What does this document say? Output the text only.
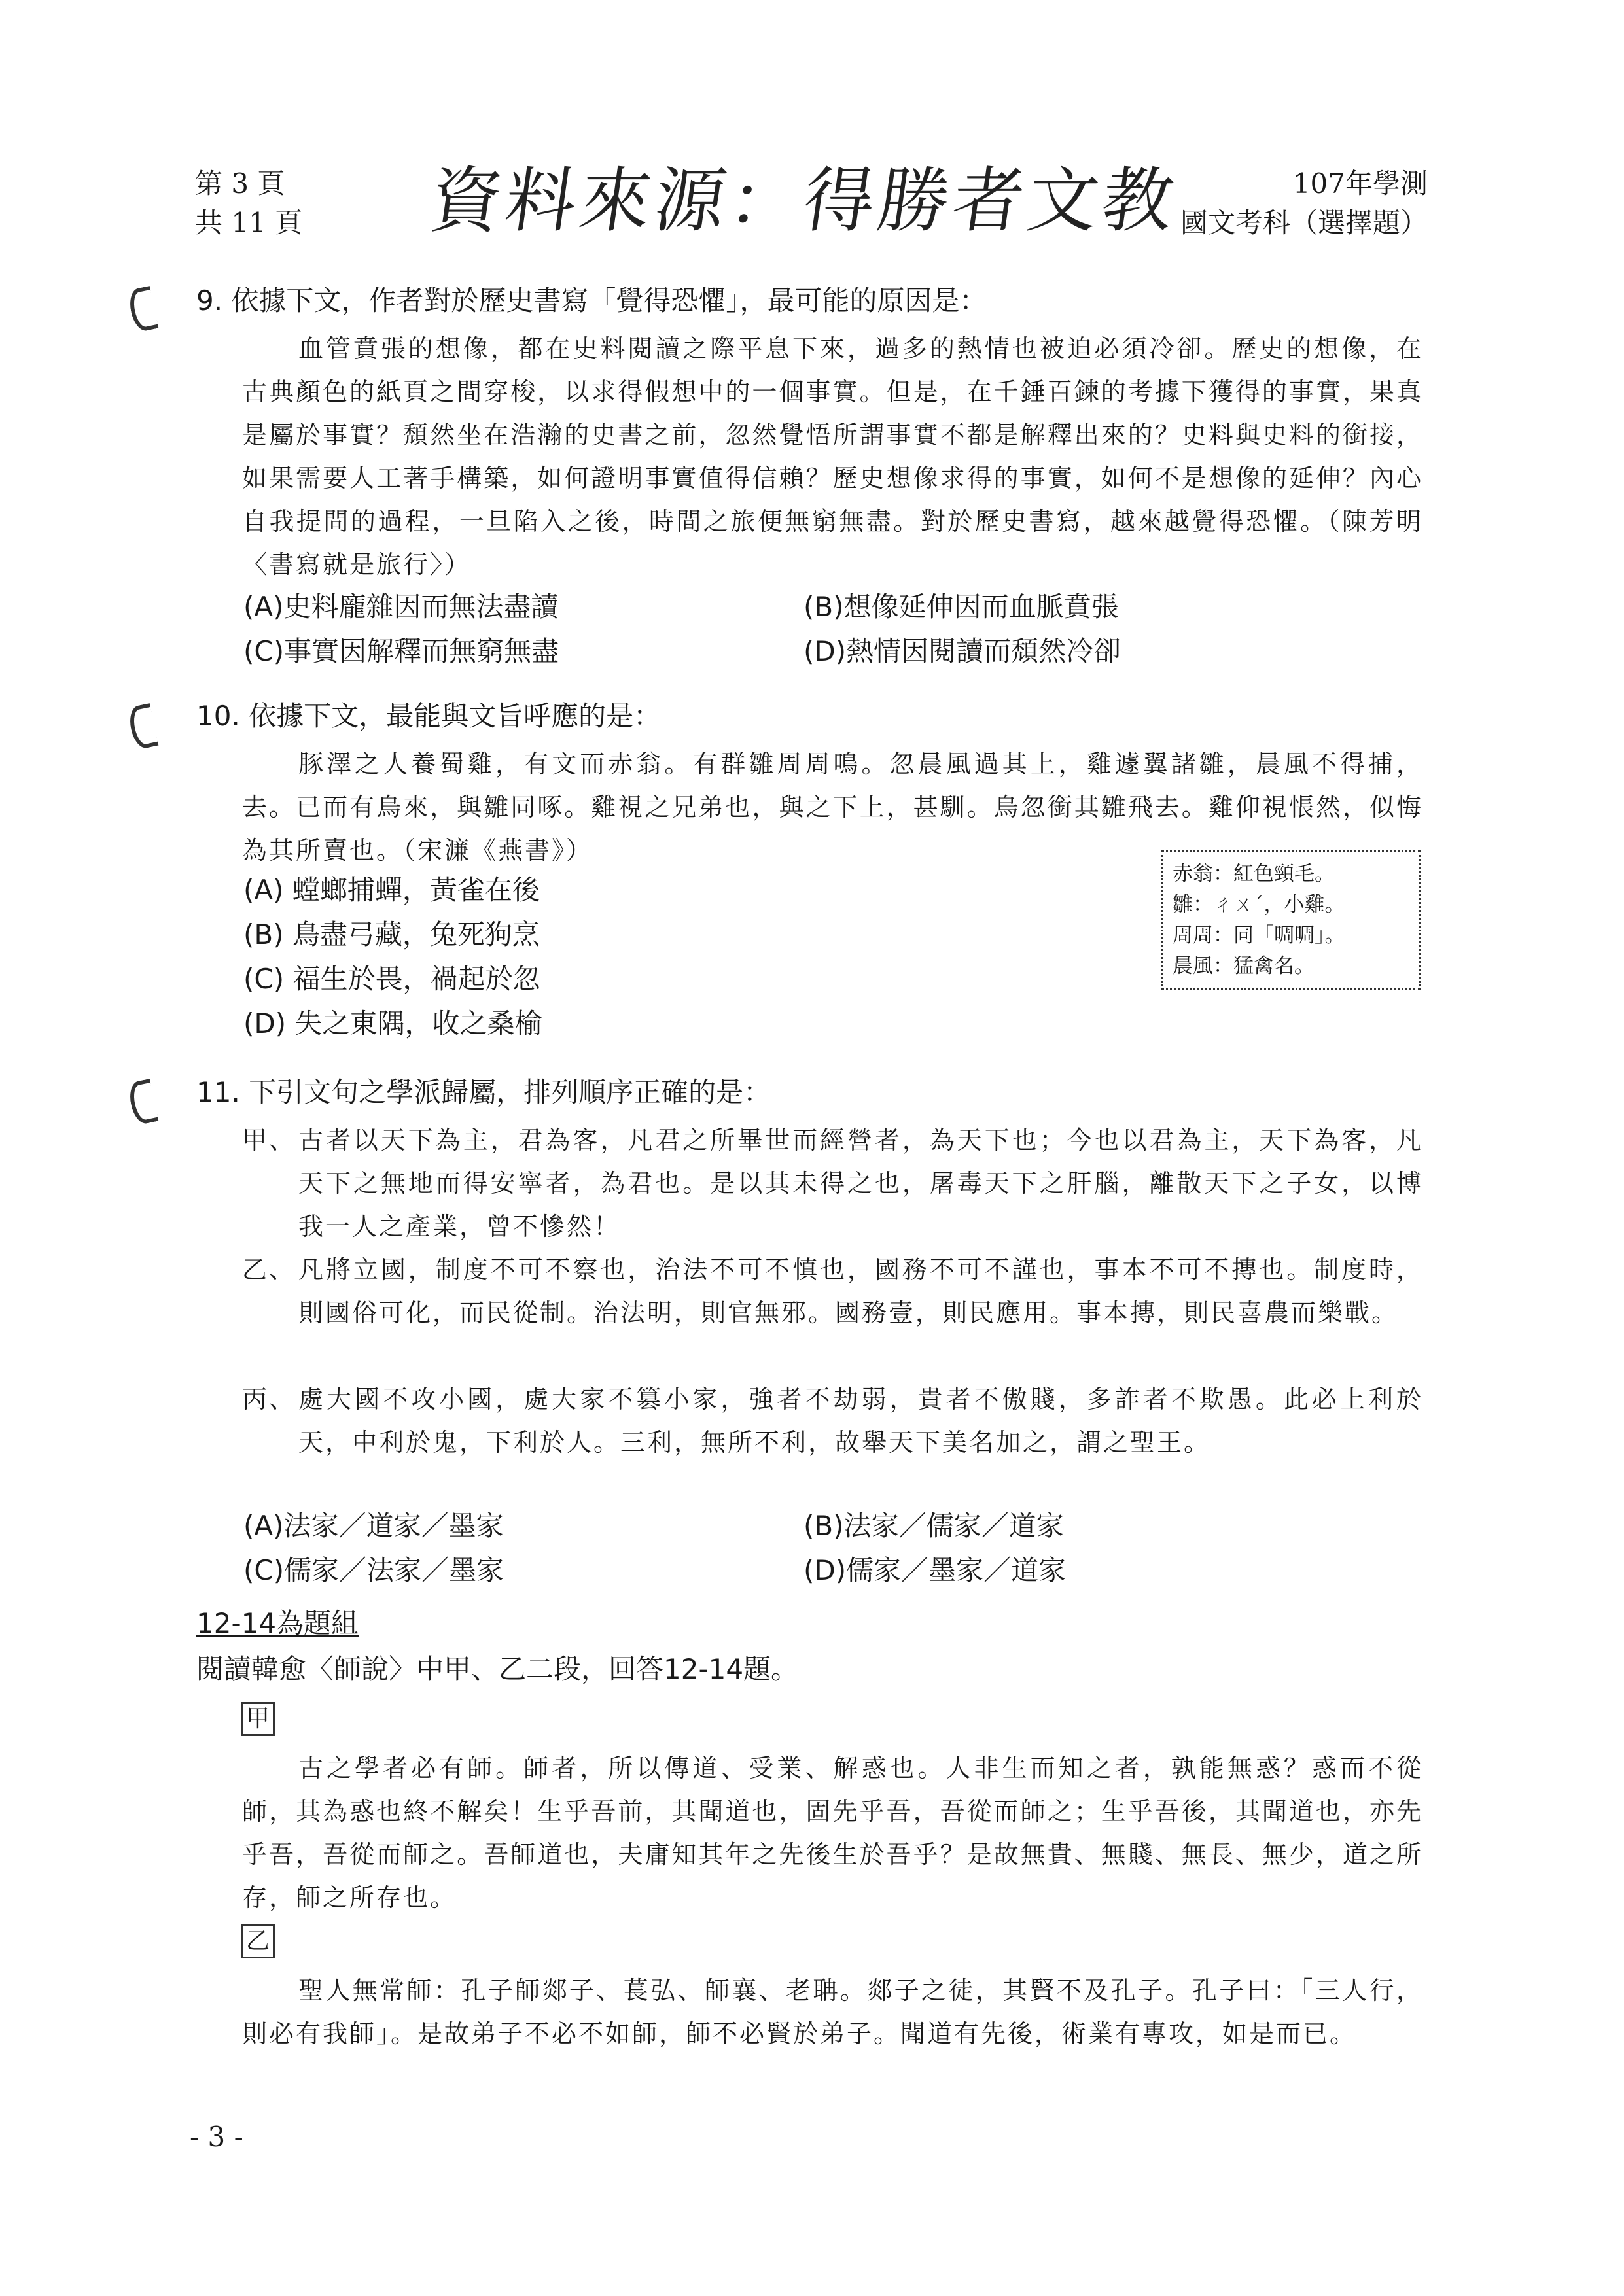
第 3 頁
共 11 頁 資料來源：得勝者文教	107年學測
國文考科（選擇題）
9. 依據下文，作者對於歷史書寫「覺得恐懼」，最可能的原因是：
血管賁張的想像，都在史料閱讀之際平息下來，過多的熱情也被迫必須冷卻。歷史的想像，在古典顏色的紙頁之間穿梭，以求得假想中的一個事實。但是，在千錘百鍊的考據下獲得的事實，果真是屬於事實？頹然坐在浩瀚的史書之前，忽然覺悟所謂事實不都是解釋出來的？史料與史料的銜接，如果需要人工著手構築，如何證明事實值得信賴？歷史想像求得的事實，如何不是想像的延伸？內心自我提問的過程，一旦陷入之後，時間之旅便無窮無盡。對於歷史書寫，越來越覺得恐懼。（陳芳明〈書寫就是旅行〉）
(A)史料龐雜因而無法盡讀	(B)想像延伸因而血脈賁張
(C)事實因解釋而無窮無盡	(D)熱情因閱讀而頹然冷卻
10. 依據下文，最能與文旨呼應的是：
豚澤之人養蜀雞，有文而赤翁。有群雛周周鳴。忽晨風過其上，雞遽翼諸雛，晨風不得捕，去。已而有烏來，與雛同啄。雞視之兄弟也，與之下上，甚馴。烏忽銜其雛飛去。雞仰視悵然，似悔為其所賣也。（宋濂《燕書》）
赤翁：紅色頸毛。
雛：ㄔㄨˊ，小雞。
周周：同「啁啁」。
晨風：猛禽名。
(A) 螳螂捕蟬，黃雀在後
(B) 鳥盡弓藏，兔死狗烹
(C) 福生於畏，禍起於忽
(D) 失之東隅，收之桑榆
11. 下引文句之學派歸屬，排列順序正確的是：
甲、 古者以天下為主，君為客，凡君之所畢世而經營者，為天下也；今也以君為主，天下為客，凡天下之無地而得安寧者，為君也。是以其未得之也，屠毒天下之肝腦，離散天下之子女，以博我一人之產業，曾不慘然！
乙、 凡將立國，制度不可不察也，治法不可不慎也，國務不可不謹也，事本不可不摶也。制度時，則國俗可化，而民從制。治法明，則官無邪。國務壹，則民應用。事本摶，則民喜農而樂戰。
丙、 處大國不攻小國，處大家不篡小家，強者不劫弱，貴者不傲賤，多詐者不欺愚。此必上利於天，中利於鬼，下利於人。三利，無所不利，故舉天下美名加之，謂之聖王。
(A)法家／道家／墨家	(B)法家／儒家／道家
(C)儒家／法家／墨家	(D)儒家／墨家／道家
12-14為題組
閱讀韓愈〈師說〉中甲、乙二段，回答12-14題。
甲
古之學者必有師。師者，所以傳道、受業、解惑也。人非生而知之者，孰能無惑？惑而不從師，其為惑也終不解矣！生乎吾前，其聞道也，固先乎吾，吾從而師之；生乎吾後，其聞道也，亦先乎吾，吾從而師之。吾師道也，夫庸知其年之先後生於吾乎？是故無貴、無賤、無長、無少，道之所存，師之所存也。
乙
聖人無常師：孔子師郯子、萇弘、師襄、老聃。郯子之徒，其賢不及孔子。孔子曰：「三人行，則必有我師」。是故弟子不必不如師，師不必賢於弟子。聞道有先後，術業有專攻，如是而已。
- 3 -
